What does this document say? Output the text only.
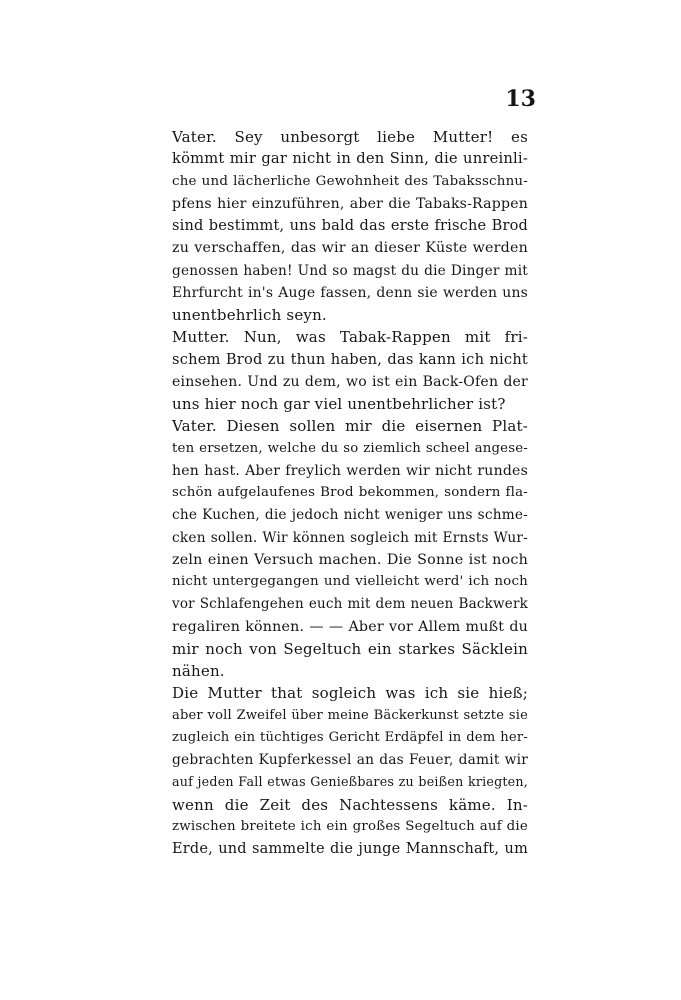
13
Vater. Sey unbesorgt liebe Mutter! es
kömmt mir gar nicht in den Sinn, die unreinli-
che und lächerliche Gewohnheit des Tabaksschnu-
pfens hier einzuführen, aber die Tabaks-Rappen
sind bestimmt, uns bald das erste frische Brod
zu verschaffen, das wir an dieser Küste werden
genossen haben! Und so magst du die Dinger mit
Ehrfurcht in's Auge fassen, denn sie werden uns
unentbehrlich seyn.
Mutter. Nun, was Tabak-Rappen mit fri-
schem Brod zu thun haben, das kann ich nicht
einsehen. Und zu dem, wo ist ein Back-Ofen der
uns hier noch gar viel unentbehrlicher ist?
Vater. Diesen sollen mir die eisernen Plat-
ten ersetzen, welche du so ziemlich scheel angese-
hen hast. Aber freylich werden wir nicht rundes
schön aufgelaufenes Brod bekommen, sondern fla-
che Kuchen, die jedoch nicht weniger uns schme-
cken sollen. Wir können sogleich mit Ernsts Wur-
zeln einen Versuch machen. Die Sonne ist noch
nicht untergegangen und vielleicht werd' ich noch
vor Schlafengehen euch mit dem neuen Backwerk
regaliren können. — — Aber vor Allem mußt du
mir noch von Segeltuch ein starkes Säcklein
nähen.
Die Mutter that sogleich was ich sie hieß;
aber voll Zweifel über meine Bäckerkunst setzte sie
zugleich ein tüchtiges Gericht Erdäpfel in dem her-
gebrachten Kupferkessel an das Feuer, damit wir
auf jeden Fall etwas Genießbares zu beißen kriegten,
wenn die Zeit des Nachtessens käme. In-
zwischen breitete ich ein großes Segeltuch auf die
Erde, und sammelte die junge Mannschaft, um
